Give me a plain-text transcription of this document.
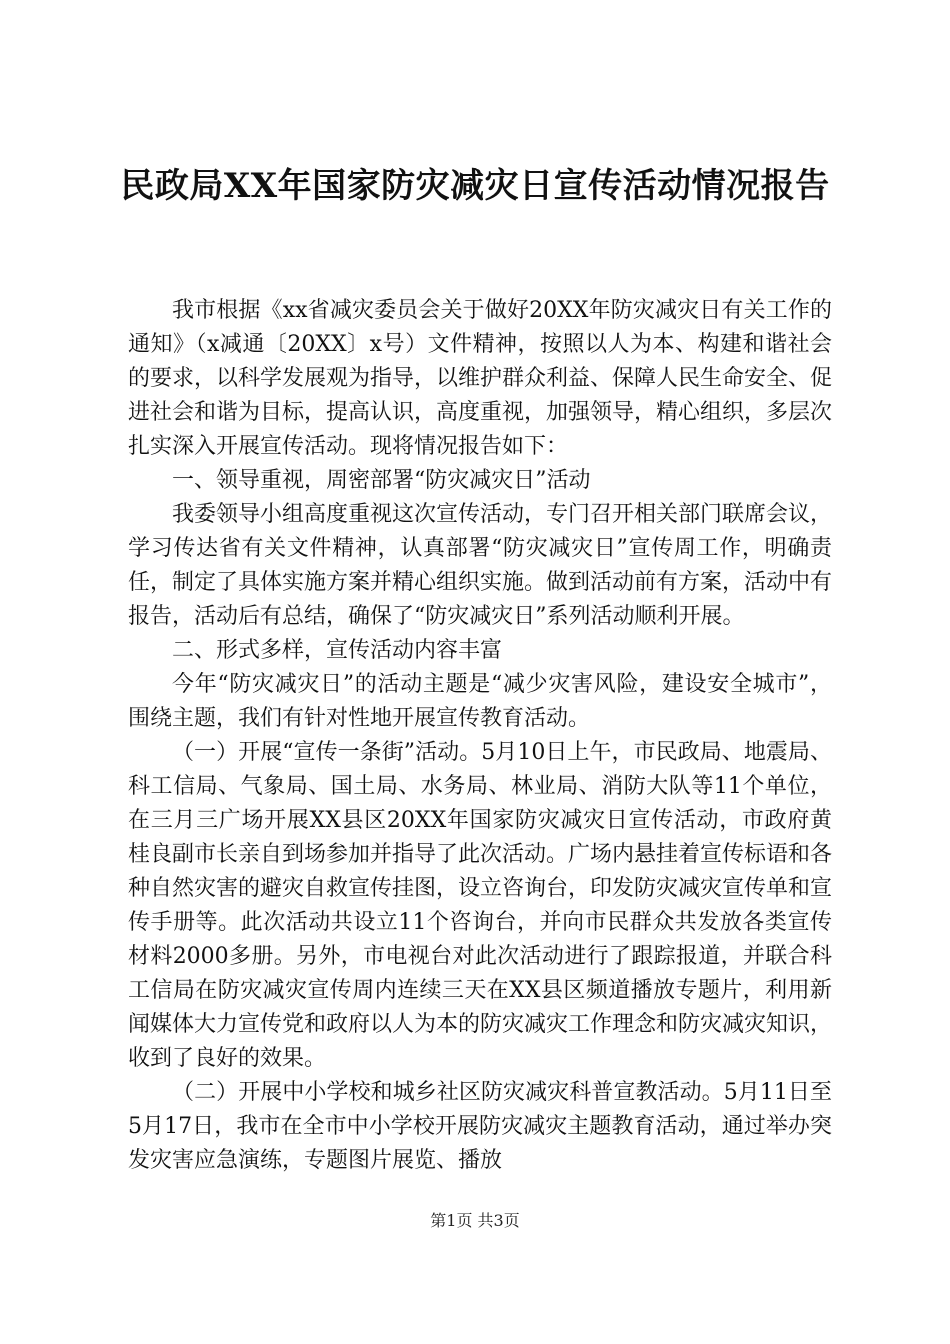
民政局XX年国家防灾减灾日宣传活动情况报告

我市根据《xx省减灾委员会关于做好20XX年防灾减灾日有关工作的通知》（x减通〔20XX〕x号）文件精神，按照以人为本、构建和谐社会的要求，以科学发展观为指导，以维护群众利益、保障人民生命安全、促进社会和谐为目标，提高认识，高度重视，加强领导，精心组织，多层次扎实深入开展宣传活动。现将情况报告如下：

一、领导重视，周密部署“防灾减灾日”活动

我委领导小组高度重视这次宣传活动，专门召开相关部门联席会议，学习传达省有关文件精神，认真部署“防灾减灾日”宣传周工作，明确责任，制定了具体实施方案并精心组织实施。做到活动前有方案，活动中有报告，活动后有总结，确保了“防灾减灾日”系列活动顺利开展。

二、形式多样，宣传活动内容丰富

今年“防灾减灾日”的活动主题是“减少灾害风险，建设安全城市”，围绕主题，我们有针对性地开展宣传教育活动。

（一）开展“宣传一条街”活动。5月10日上午，市民政局、地震局、科工信局、气象局、国土局、水务局、林业局、消防大队等11个单位，在三月三广场开展XX县区20XX年国家防灾减灾日宣传活动，市政府黄桂良副市长亲自到场参加并指导了此次活动。广场内悬挂着宣传标语和各种自然灾害的避灾自救宣传挂图，设立咨询台，印发防灾减灾宣传单和宣传手册等。此次活动共设立11个咨询台，并向市民群众共发放各类宣传材料2000多册。另外，市电视台对此次活动进行了跟踪报道，并联合科工信局在防灾减灾宣传周内连续三天在XX县区频道播放专题片，利用新闻媒体大力宣传党和政府以人为本的防灾减灾工作理念和防灾减灾知识，收到了良好的效果。

（二）开展中小学校和城乡社区防灾减灾科普宣教活动。5月11日至5月17日，我市在全市中小学校开展防灾减灾主题教育活动，通过举办突发灾害应急演练，专题图片展览、播放

第1页 共3页
